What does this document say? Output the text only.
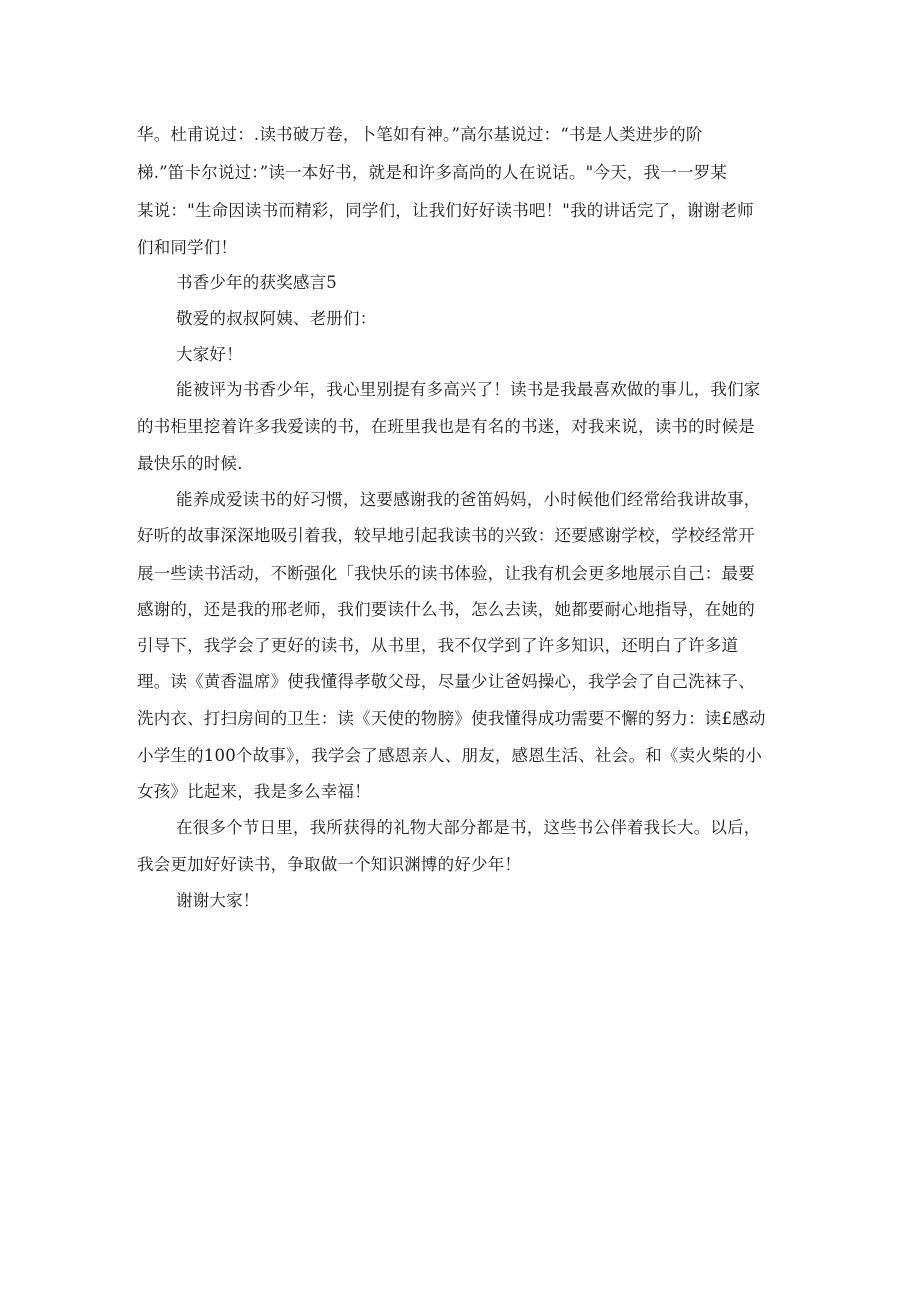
华。杜甫说过：.读书破万卷，卜笔如有神。”高尔基说过：“书是人类进步的阶
梯.”笛卡尔说过：”读一本好书，就是和许多高尚的人在说话。"今天，我一一罗某
某说："生命因读书而精彩，同学们，让我们好好读书吧！"我的讲话完了，谢谢老师
们和同学们！
书香少年的获奖感言5
敬爱的叔叔阿姨、老册们：
大家好！
能被评为书香少年，我心里别提有多高兴了！读书是我最喜欢做的事儿，我们家
的书柜里挖着许多我爱读的书，在班里我也是有名的书迷，对我来说，读书的时候是
最快乐的时候.
能养成爱读书的好习惯，这要感谢我的爸笛妈妈，小时候他们经常给我讲故事，
好听的故事深深地吸引着我，较早地引起我读书的兴致：还要感谢学校，学校经常开
展一些读书活动，不断强化「我快乐的读书体验，让我有机会更多地展示自己：最要
感谢的，还是我的邢老师，我们要读什么书，怎么去读，她都要耐心地指导，在她的
引导下，我学会了更好的读书，从书里，我不仅学到了许多知识，还明白了许多道
理。读《黄香温席》使我懂得孝敬父母，尽量少让爸妈操心，我学会了自己洗袜子、
洗内衣、打扫房间的卫生：读《天使的物膀》使我懂得成功需要不懈的努力：读£感动
小学生的100个故事》，我学会了感恩亲人、朋友，感恩生活、社会。和《卖火柴的小
女孩》比起来，我是多么幸福！
在很多个节日里，我所获得的礼物大部分都是书，这些书公伴着我长大。以后，
我会更加好好读书，争取做一个知识渊博的好少年！
谢谢大家！
